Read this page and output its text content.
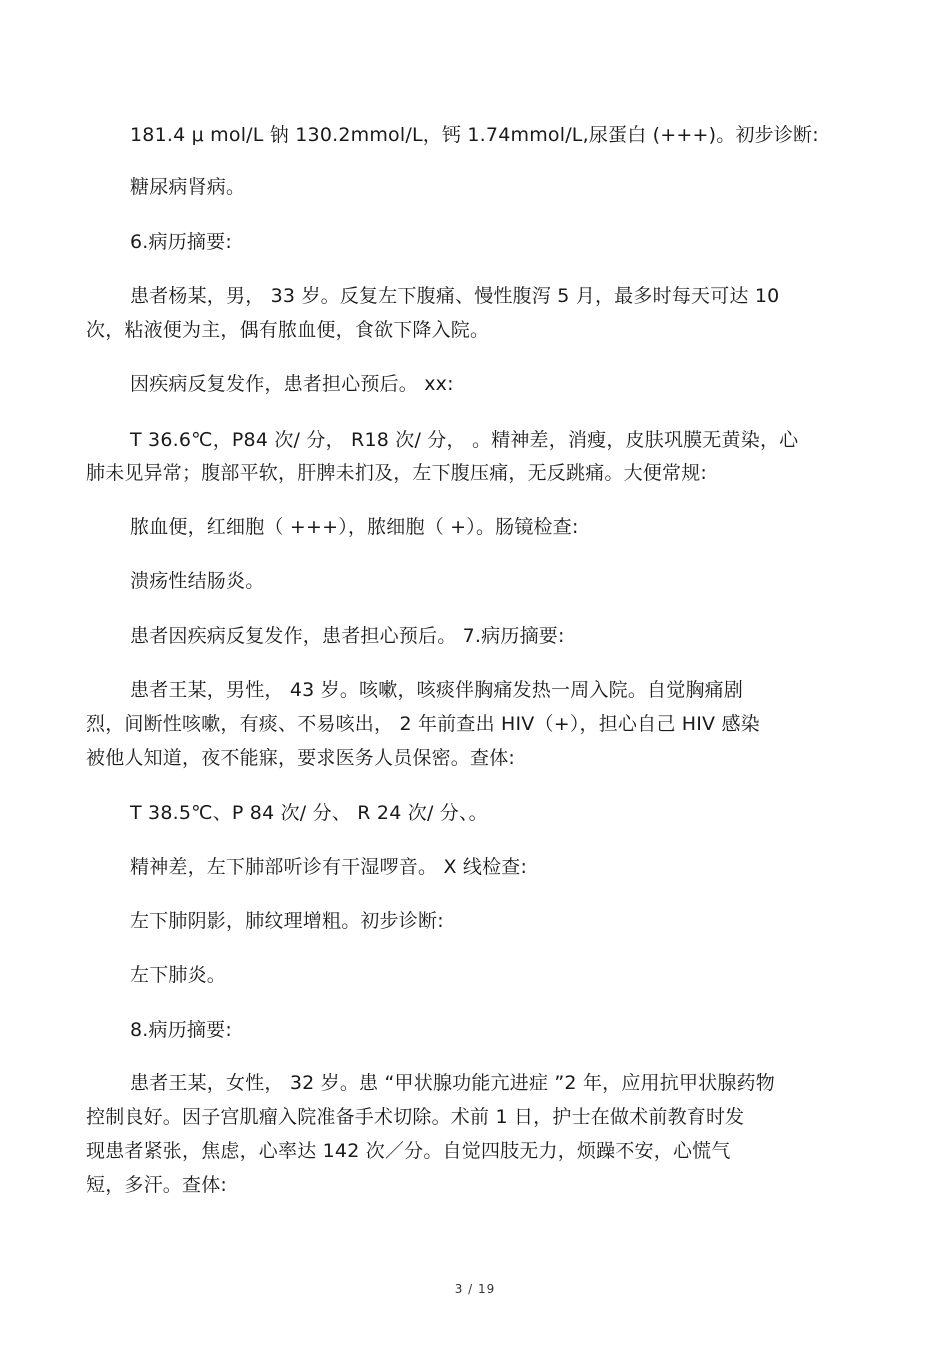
181.4 μ mol/L 钠 130.2mmol/L，钙 1.74mmol/L,尿蛋白 (+++)。初步诊断:
糖尿病肾病。
6.病历摘要:
患者杨某，男， 33 岁。反复左下腹痛、慢性腹泻 5 月，最多时每天可达 10
次，粘液便为主，偶有脓血便，食欲下降入院。
因疾病反复发作，患者担心预后。 xx:
T 36.6℃，P84 次/ 分， R18 次/ 分， 。精神差，消瘦，皮肤巩膜无黄染，心
肺未见异常；腹部平软，肝脾未扪及，左下腹压痛，无反跳痛。大便常规:
脓血便，红细胞（ +++），脓细胞（ +）。肠镜检查:
溃疡性结肠炎。
患者因疾病反复发作，患者担心预后。 7.病历摘要:
患者王某，男性， 43 岁。咳嗽，咳痰伴胸痛发热一周入院。自觉胸痛剧
烈，间断性咳嗽，有痰、不易咳出， 2 年前查出 HIV（+），担心自己 HIV 感染
被他人知道，夜不能寐，要求医务人员保密。查体:
T 38.5℃、P 84 次/ 分、 R 24 次/ 分、。
精神差，左下肺部听诊有干湿啰音。 X 线检查:
左下肺阴影，肺纹理增粗。初步诊断:
左下肺炎。
8.病历摘要:
患者王某，女性， 32 岁。患 “甲状腺功能亢进症 ”2 年，应用抗甲状腺药物
控制良好。因子宫肌瘤入院准备手术切除。术前 1 日，护士在做术前教育时发
现患者紧张，焦虑，心率达 142 次／分。自觉四肢无力，烦躁不安，心慌气
短，多汗。查体:
3 / 19
